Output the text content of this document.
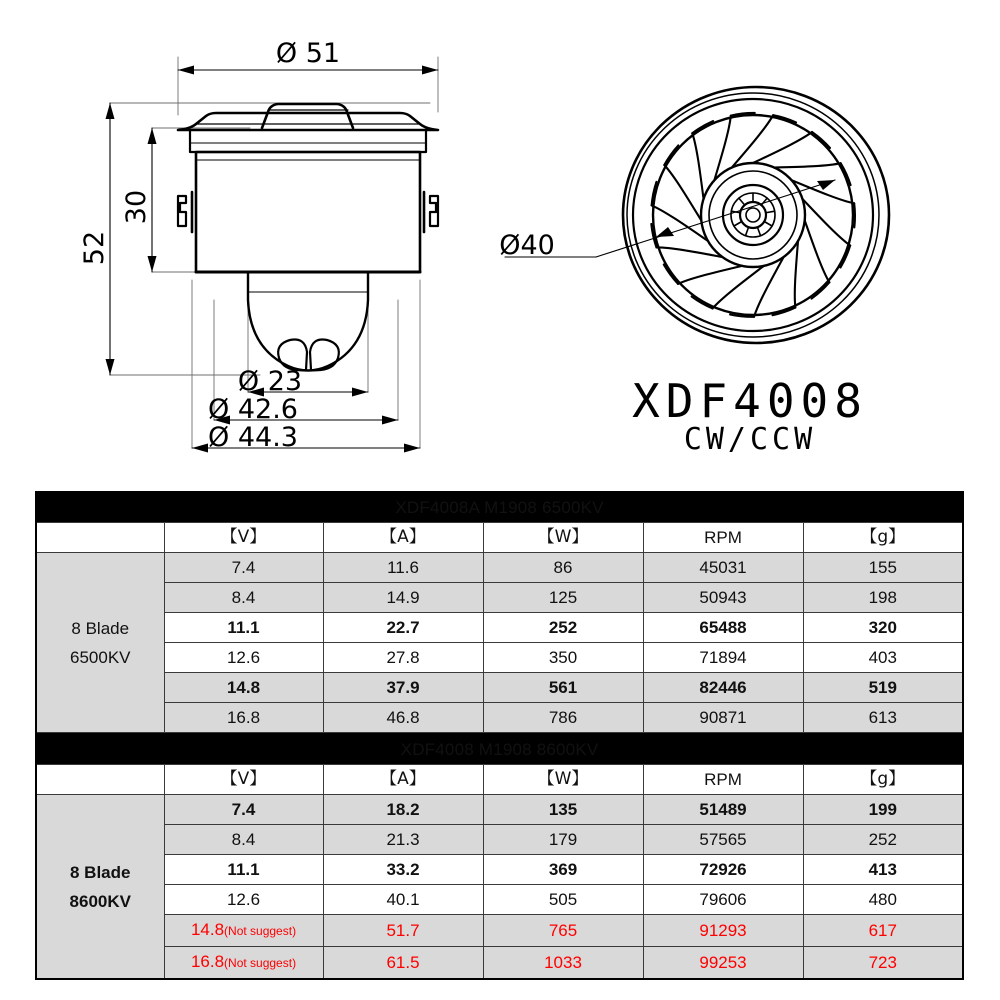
Ø 51
Ø 23
Ø 42.6
Ø 44.3
Ø40
30
52
XDF4008
CW/CCW
XDF4008A M1908 6500KV					
	【V】	【A】	【W】	RPM	【g】

8 Blade
6500KV	7.4	11.6	86	45031	155
	8.4	14.9	125	50943	198
	11.1	22.7	252	65488	320
	12.6	27.8	350	71894	403
	14.8	37.9	561	82446	519
	16.8	46.8	786	90871	613
XDF4008 M1908 8600KV					
	【V】	【A】	【W】	RPM	【g】

8 Blade
8600KV	7.4	18.2	135	51489	199
	8.4	21.3	179	57565	252
	11.1	33.2	369	72926	413
	12.6	40.1	505	79606	480
	14.8(Not suggest)	51.7	765	91293	617
	16.8(Not suggest)	61.5	1033	99253	723
